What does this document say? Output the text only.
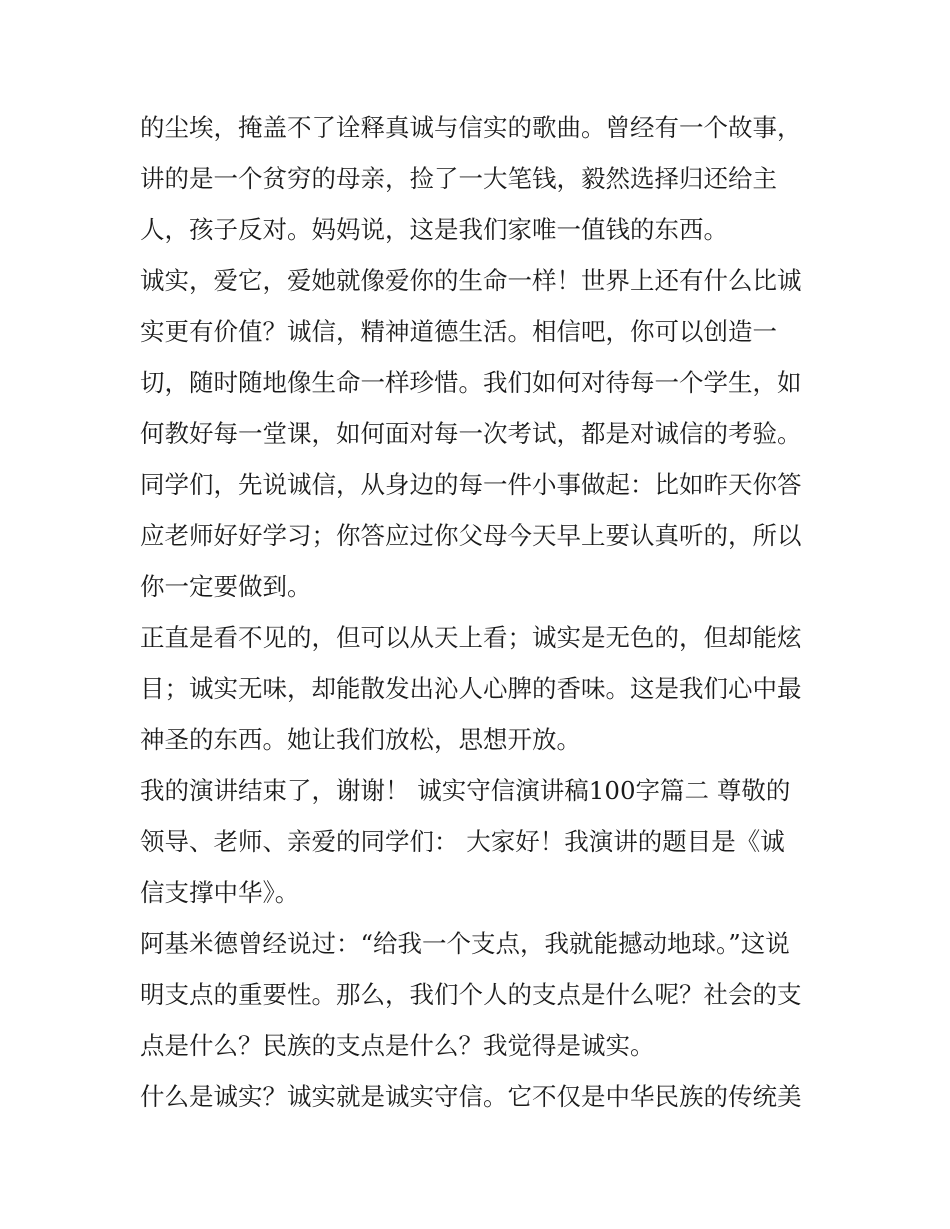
的尘埃，掩盖不了诠释真诚与信实的歌曲。曾经有一个故事，
讲的是一个贫穷的母亲，捡了一大笔钱，毅然选择归还给主
人，孩子反对。妈妈说，这是我们家唯一值钱的东西。
诚实，爱它，爱她就像爱你的生命一样！世界上还有什么比诚
实更有价值？诚信，精神道德生活。相信吧，你可以创造一
切，随时随地像生命一样珍惜。我们如何对待每一个学生，如
何教好每一堂课，如何面对每一次考试，都是对诚信的考验。
同学们，先说诚信，从身边的每一件小事做起：比如昨天你答
应老师好好学习；你答应过你父母今天早上要认真听的，所以
你一定要做到。
正直是看不见的，但可以从天上看；诚实是无色的，但却能炫
目；诚实无味，却能散发出沁人心脾的香味。这是我们心中最
神圣的东西。她让我们放松，思想开放。
我的演讲结束了，谢谢！ 诚实守信演讲稿100字篇二 尊敬的
领导、老师、亲爱的同学们： 大家好！我演讲的题目是《诚
信支撑中华》。
阿基米德曾经说过：“给我一个支点，我就能撼动地球。”这说
明支点的重要性。那么，我们个人的支点是什么呢？社会的支
点是什么？民族的支点是什么？我觉得是诚实。
什么是诚实？诚实就是诚实守信。它不仅是中华民族的传统美
